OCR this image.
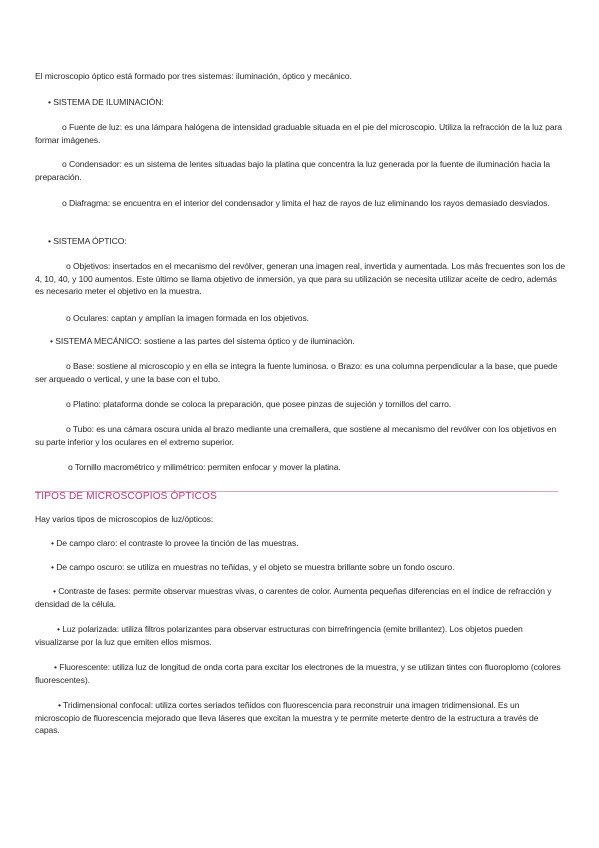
El microscopio óptico está formado por tres sistemas: iluminación, óptico y mecánico.

• SISTEMA DE ILUMINACIÓN:

o Fuente de luz: es una lámpara halógena de intensidad graduable situada en el pie del microscopio. Utiliza la refracción de la luz para formar imágenes.

o Condensador: es un sistema de lentes situadas bajo la platina que concentra la luz generada por la fuente de iluminación hacia la preparación.

o Diafragma: se encuentra en el interior del condensador y limita el haz de rayos de luz eliminando los rayos demasiado desviados.

• SISTEMA ÓPTICO:

o Objetivos: insertados en el mecanismo del revólver, generan una imagen real, invertida y aumentada. Los más frecuentes son los de 4, 10, 40, y 100 aumentos. Este último se llama objetivo de inmersión, ya que para su utilización se necesita utilizar aceite de cedro, además es necesario meter el objetivo en la muestra.

o Oculares: captan y amplían la imagen formada en los objetivos.

• SISTEMA MECÁNICO: sostiene a las partes del sistema óptico y de iluminación.

o Base: sostiene al microscopio y en ella se integra la fuente luminosa. o Brazo: es una columna perpendicular a la base, que puede ser arqueado o vertical, y une la base con el tubo.

o Platino: plataforma donde se coloca la preparación, que posee pinzas de sujeción y tornillos del carro.

o Tubo: es una cámara oscura unida al brazo mediante una cremallera, que sostiene al mecanismo del revólver con los objetivos en su parte inferior y los oculares en el extremo superior.

o Tornillo macrométrico y milimétrico: permiten enfocar y mover la platina.

TIPOS DE MICROSCOPIOS ÓPTICOS

Hay varios tipos de microscopios de luz/ópticos:

• De campo claro: el contraste lo provee la tinción de las muestras.

• De campo oscuro: se utiliza en muestras no teñidas, y el objeto se muestra brillante sobre un fondo oscuro.

• Contraste de fases: permite observar muestras vivas, o carentes de color. Aumenta pequeñas diferencias en el índice de refracción y densidad de la célula.

• Luz polarizada: utiliza filtros polarizantes para observar estructuras con birrefringencia (emite brillantez). Los objetos pueden visualizarse por la luz que emiten ellos mismos.

• Fluorescente: utiliza luz de longitud de onda corta para excitar los electrones de la muestra, y se utilizan tintes con fluoroplomo (colores fluorescentes).

• Tridimensional confocal: utiliza cortes seriados teñidos con fluorescencia para reconstruir una imagen tridimensional. Es un microscopio de fluorescencia mejorado que lleva láseres que excitan la muestra y te permite meterte dentro de la estructura a través de capas.
